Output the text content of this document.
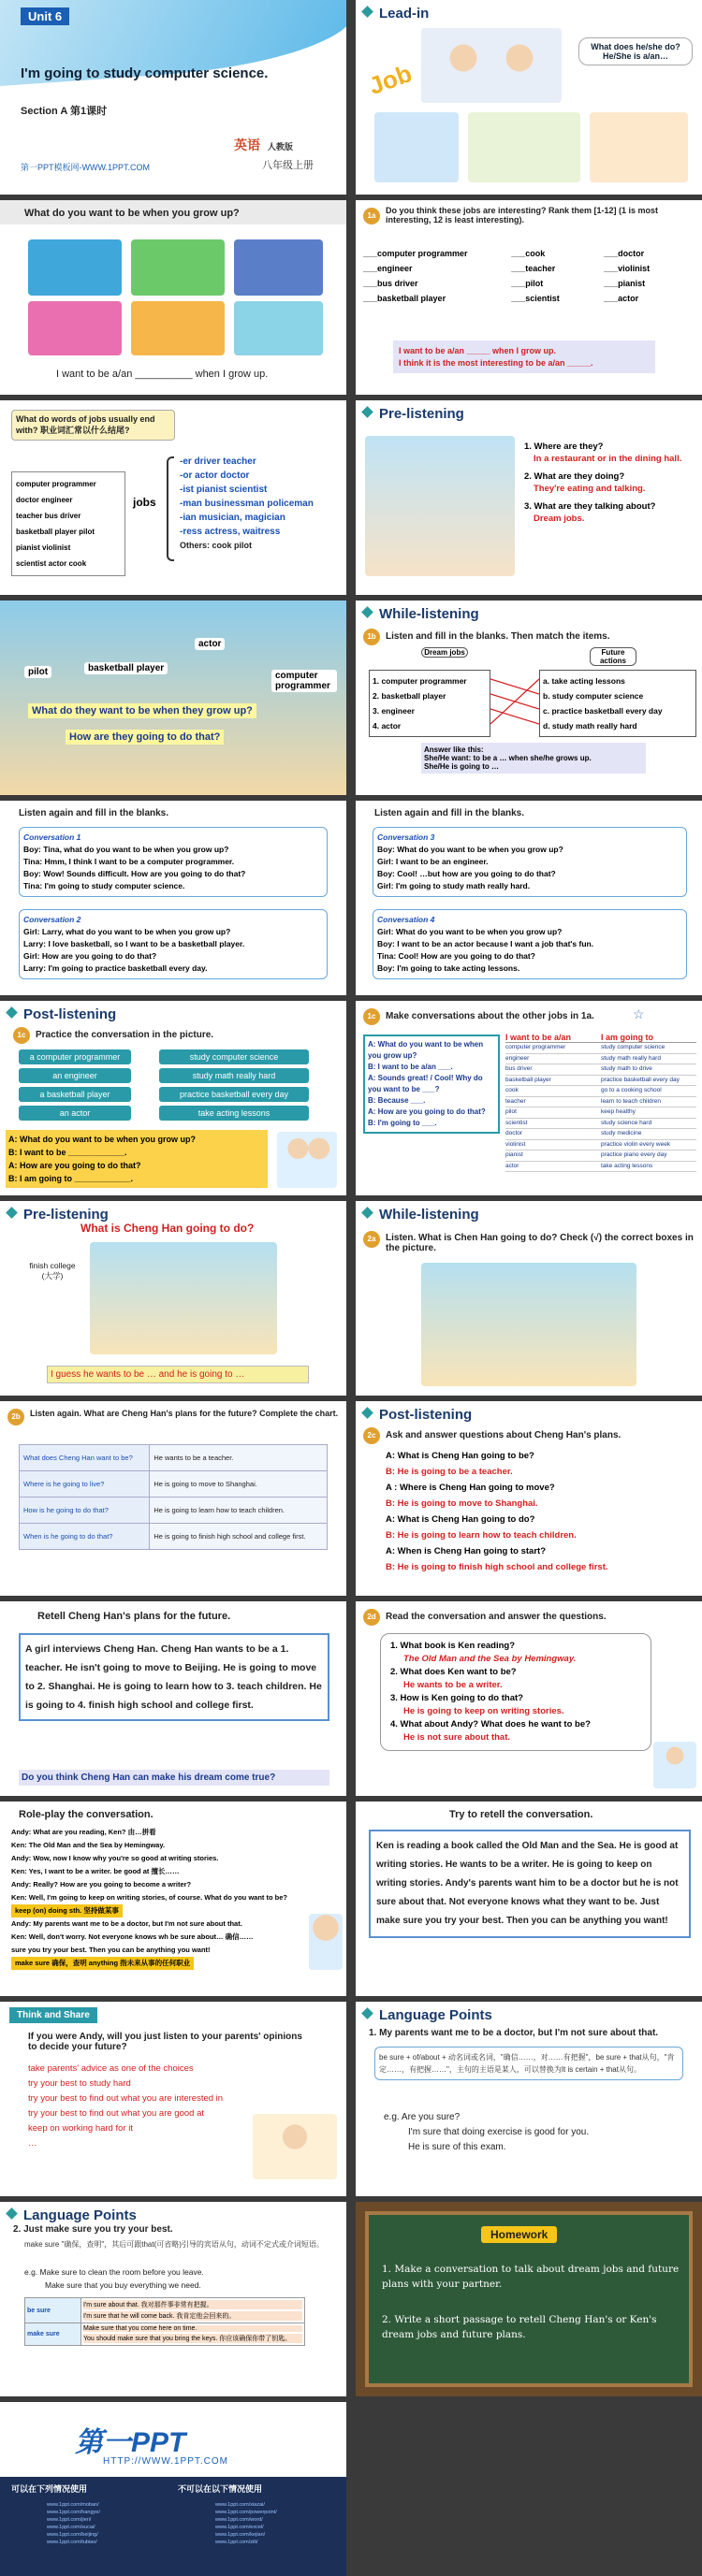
Unit 6
I'm going to study computer science.
Section A 第1课时
英语 人教版
八年级上册
第一PPT模板网-WWW.1PPT.COM
Lead-in
Job
What does he/she do? He/She is a/an…
What do you want to be when you grow up?
I want to be a/an __________ when I grow up.
1a
Do you think these jobs are interesting? Rank them [1-12] (1 is most interesting, 12 is least interesting).
___computer programmer	___cook	___doctor
___engineer	___teacher	___violinist
___bus driver	___pilot	___pianist
___basketball player	___scientist	___actor
I want to be a/an _____ when I grow up.
I think it is the most interesting to be a/an _____.
What do words of jobs usually end with? 职业词汇常以什么结尾?
computer programmer
doctor engineer
teacher bus driver
basketball player pilot
pianist violinist
scientist actor cook
jobs
-er driver teacher
-or actor doctor
-ist pianist scientist
-man businessman policeman
-ian musician, magician
-ress actress, waitress
Others: cook pilot
Pre-listening
1. Where are they?
In a restaurant or in the dining hall.
2. What are they doing?
They're eating and talking.
3. What are they talking about?
Dream jobs.
pilot	basketball player
actor
computer programmer
What do they want to be when they grow up?
How are they going to do that?
While-listening
1b	Listen and fill in the blanks. Then match the items.
Dream jobs	Future actions
1. computer programmer
2. basketball player
3. engineer
4. actor
a. take acting lessons
b. study computer science
c. practice basketball every day
d. study math really hard
Answer like this:
She/He want: to be a … when she/he grows up.
She/He is going to …
Listen again and fill in the blanks.
Conversation 1
Boy: Tina, what do you want to be when you grow up?
Tina: Hmm, I think I want to be a computer programmer.
Boy: Wow! Sounds difficult. How are you going to do that?
Tina: I'm going to study computer science.
Conversation 2
Girl: Larry, what do you want to be when you grow up?
Larry: I love basketball, so I want to be a basketball player.
Girl: How are you going to do that?
Larry: I'm going to practice basketball every day.
Listen again and fill in the blanks.
Conversation 3
Boy: What do you want to be when you grow up?
Girl: I want to be an engineer.
Boy: Cool! …but how are you going to do that?
Girl: I'm going to study math really hard.
Conversation 4
Girl: What do you want to be when you grow up?
Boy: I want to be an actor because I want a job that's fun.
Tina: Cool! How are you going to do that?
Boy: I'm going to take acting lessons.
Post-listening
1c	Practice the conversation in the picture.
a computer programmer
an engineer
a basketball player
an actor
study computer science
study math really hard
practice basketball every day
take acting lessons
A: What do you want to be when you grow up?
B: I want to be ____________.
A: How are you going to do that?
B: I am going to ____________.
1c	Make conversations about the other jobs in 1a.	☆
A: What do you want to be when you grow up?
B: I want to be a/an ___.
A: Sounds great! / Cool! Why do you want to be ___?
B: Because ___.
A: How are you going to do that?
B: I'm going to ___.
I want to be a/an	I am going to
computer programmer	study computer science
engineer	study math really hard
bus driver	study math to drive
basketball player	practice basketball every day
cook	go to a cooking school
teacher	learn to teach children
pilot	keep healthy
scientist	study science hard
doctor	study medicine
violinist	practice violin every week
pianist	practice piano every day
actor	take acting lessons
Pre-listening
What is Cheng Han going to do?
finish college (大学)
I guess he wants to be … and he is going to …
While-listening
2a	Listen. What is Chen Han going to do? Check (√) the correct boxes in the picture.
2b	Listen again. What are Cheng Han's plans for the future? Complete the chart.
What does Cheng Han want to be?	He wants to be a teacher.
Where is he going to live?	He is going to move to Shanghai.
How is he going to do that?	He is going to learn how to teach children.
When is he going to do that?	He is going to finish high school and college first.
Post-listening
2c	Ask and answer questions about Cheng Han's plans.
A: What is Cheng Han going to be?
B: He is going to be a teacher.
A : Where is Cheng Han going to move?
B: He is going to move to Shanghai.
A: What is Cheng Han going to do?
B: He is going to learn how to teach children.
A: When is Cheng Han going to start?
B: He is going to finish high school and college first.
Retell Cheng Han's plans for the future.
A girl interviews Cheng Han. Cheng Han wants to be a 1. teacher. He isn't going to move to Beijing. He is going to move to 2. Shanghai. He is going to learn how to 3. teach children. He is going to 4. finish high school and college first.
Do you think Cheng Han can make his dream come true?
2d	Read the conversation and answer the questions.
1. What book is Ken reading?
The Old Man and the Sea by Hemingway.
2. What does Ken want to be?
He wants to be a writer.
3. How is Ken going to do that?
He is going to keep on writing stories.
4. What about Andy? What does he want to be?
He is not sure about that.
Role-play the conversation.
Andy: What are you reading, Ken? 由…拼看
Ken: The Old Man and the Sea by Hemingway.
Andy: Wow, now I know why you're so good at writing stories.
Ken: Yes, I want to be a writer. be good at 擅长……
Andy: Really? How are you going to become a writer?
Ken: Well, I'm going to keep on writing stories, of course. What do you want to be?
keep (on) doing sth. 坚持做某事
Andy: My parents want me to be a doctor, but I'm not sure about that.
Ken: Well, don't worry. Not everyone knows wh be sure about… 确信……
sure you try your best. Then you can be anything you want!
make sure 确保，查明 anything 指未来从事的任何职业
Try to retell the conversation.
Ken is reading a book called the Old Man and the Sea. He is good at writing stories. He wants to be a writer. He is going to keep on writing stories. Andy's parents want him to be a doctor but he is not sure about that. Not everyone knows what they want to be. Just make sure you try your best. Then you can be anything you want!
Think and Share
If you were Andy, will you just listen to your parents' opinions to decide your future?
take parents' advice as one of the choices
try your best to study hard
try your best to find out what you are interested in
try your best to find out what you are good at
keep on working hard for it
…
Language Points
1. My parents want me to be a doctor, but I'm not sure about that.
be sure + of/about + 动名词或名词，"确信……，对……有把握"，be sure + that从句，"肯定……，有把握……"，主句的主语是某人，可以替换为It is certain + that从句。
e.g. Are you sure?
I'm sure that doing exercise is good for you.
He is sure of this exam.
Language Points
2. Just make sure you try your best.
make sure "确保，查明"，其后可跟that(可省略)引导的宾语从句，动词不定式或介词短语。
e.g. Make sure to clean the room before you leave.
Make sure that you buy everything we need.
be sure	I'm sure about that. 我对那件事非常有把握。
I'm sure that he will come back. 我肯定他会回来的。

make sure	Make sure that you come here on time.
You should make sure that you bring the keys. 你应该确保你带了钥匙。
Homework
1. Make a conversation to talk about dream jobs and future plans with your partner.
2. Write a short passage to retell Cheng Han's or Ken's dream jobs and future plans.
第一PPT
HTTP://WWW.1PPT.COM
可以在下列情况使用	不可以在以下情况使用
www.1ppt.com/moban/
www.1ppt.com/hangye/
www.1ppt.com/jieri/
www.1ppt.com/sucai/
www.1ppt.com/beijing/
www.1ppt.com/tubiao/
www.1ppt.com/xiazai/
www.1ppt.com/powerpoint/
www.1ppt.com/word/
www.1ppt.com/excel/
www.1ppt.com/kejian/
www.1ppt.com/ziti/
